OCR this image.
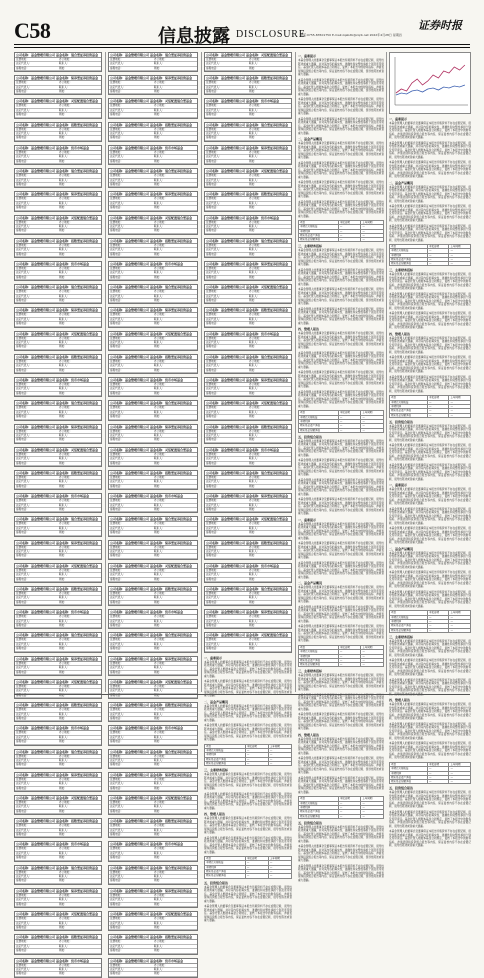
C58	信息披露 DISCLOSURE
证券时报
电话:0755-83501750 E-mail:zqsbdb@zqrb.net 2022年4月28日 星期四
公司名称：基金管理有限公司 基金名称：混合型证券投资基金
注册地址：	办公地址：
法定代表人：	联系人：
客服电话：	网址：
公司名称：基金管理有限公司 基金名称：债券型证券投资基金
注册地址：	办公地址：
法定代表人：	联系人：
客服电话：	网址：
公司名称：基金管理有限公司 基金名称：灵活配置混合型基金
注册地址：	办公地址：
法定代表人：	联系人：
客服电话：	网址：
公司名称：基金管理有限公司 基金名称：指数型证券投资基金
注册地址：	办公地址：
法定代表人：	联系人：
客服电话：	网址：
公司名称：基金管理有限公司 基金名称：货币市场基金
注册地址：	办公地址：
法定代表人：	联系人：
客服电话：	网址：
公司名称：基金管理有限公司 基金名称：混合型证券投资基金
注册地址：	办公地址：
法定代表人：	联系人：
客服电话：	网址：
公司名称：基金管理有限公司 基金名称：债券型证券投资基金
注册地址：	办公地址：
法定代表人：	联系人：
客服电话：	网址：
公司名称：基金管理有限公司 基金名称：灵活配置混合型基金
注册地址：	办公地址：
法定代表人：	联系人：
客服电话：	网址：
公司名称：基金管理有限公司 基金名称：指数型证券投资基金
注册地址：	办公地址：
法定代表人：	联系人：
客服电话：	网址：
公司名称：基金管理有限公司 基金名称：货币市场基金
注册地址：	办公地址：
法定代表人：	联系人：
客服电话：	网址：
公司名称：基金管理有限公司 基金名称：混合型证券投资基金
注册地址：	办公地址：
法定代表人：	联系人：
客服电话：	网址：
公司名称：基金管理有限公司 基金名称：债券型证券投资基金
注册地址：	办公地址：
法定代表人：	联系人：
客服电话：	网址：
公司名称：基金管理有限公司 基金名称：灵活配置混合型基金
注册地址：	办公地址：
法定代表人：	联系人：
客服电话：	网址：
公司名称：基金管理有限公司 基金名称：指数型证券投资基金
注册地址：	办公地址：
法定代表人：	联系人：
客服电话：	网址：
公司名称：基金管理有限公司 基金名称：货币市场基金
注册地址：	办公地址：
法定代表人：	联系人：
客服电话：	网址：
公司名称：基金管理有限公司 基金名称：混合型证券投资基金
注册地址：	办公地址：
法定代表人：	联系人：
客服电话：	网址：
公司名称：基金管理有限公司 基金名称：债券型证券投资基金
注册地址：	办公地址：
法定代表人：	联系人：
客服电话：	网址：
公司名称：基金管理有限公司 基金名称：灵活配置混合型基金
注册地址：	办公地址：
法定代表人：	联系人：
客服电话：	网址：
公司名称：基金管理有限公司 基金名称：指数型证券投资基金
注册地址：	办公地址：
法定代表人：	联系人：
客服电话：	网址：
公司名称：基金管理有限公司 基金名称：货币市场基金
注册地址：	办公地址：
法定代表人：	联系人：
客服电话：	网址：
公司名称：基金管理有限公司 基金名称：混合型证券投资基金
注册地址：	办公地址：
法定代表人：	联系人：
客服电话：	网址：
公司名称：基金管理有限公司 基金名称：债券型证券投资基金
注册地址：	办公地址：
法定代表人：	联系人：
客服电话：	网址：
公司名称：基金管理有限公司 基金名称：灵活配置混合型基金
注册地址：	办公地址：
法定代表人：	联系人：
客服电话：	网址：
公司名称：基金管理有限公司 基金名称：指数型证券投资基金
注册地址：	办公地址：
法定代表人：	联系人：
客服电话：	网址：
公司名称：基金管理有限公司 基金名称：货币市场基金
注册地址：	办公地址：
法定代表人：	联系人：
客服电话：	网址：
公司名称：基金管理有限公司 基金名称：混合型证券投资基金
注册地址：	办公地址：
法定代表人：	联系人：
客服电话：	网址：
公司名称：基金管理有限公司 基金名称：债券型证券投资基金
注册地址：	办公地址：
法定代表人：	联系人：
客服电话：	网址：
公司名称：基金管理有限公司 基金名称：灵活配置混合型基金
注册地址：	办公地址：
法定代表人：	联系人：
客服电话：	网址：
公司名称：基金管理有限公司 基金名称：指数型证券投资基金
注册地址：	办公地址：
法定代表人：	联系人：
客服电话：	网址：
公司名称：基金管理有限公司 基金名称：货币市场基金
注册地址：	办公地址：
法定代表人：	联系人：
客服电话：	网址：
公司名称：基金管理有限公司 基金名称：混合型证券投资基金
注册地址：	办公地址：
法定代表人：	联系人：
客服电话：	网址：
公司名称：基金管理有限公司 基金名称：债券型证券投资基金
注册地址：	办公地址：
法定代表人：	联系人：
客服电话：	网址：
公司名称：基金管理有限公司 基金名称：灵活配置混合型基金
注册地址：	办公地址：
法定代表人：	联系人：
客服电话：	网址：
公司名称：基金管理有限公司 基金名称：指数型证券投资基金
注册地址：	办公地址：
法定代表人：	联系人：
客服电话：	网址：
公司名称：基金管理有限公司 基金名称：货币市场基金
注册地址：	办公地址：
法定代表人：	联系人：
客服电话：	网址：
公司名称：基金管理有限公司 基金名称：混合型证券投资基金
注册地址：	办公地址：
法定代表人：	联系人：
客服电话：	网址：
公司名称：基金管理有限公司 基金名称：债券型证券投资基金
注册地址：	办公地址：
法定代表人：	联系人：
客服电话：	网址：
公司名称：基金管理有限公司 基金名称：灵活配置混合型基金
注册地址：	办公地址：
法定代表人：	联系人：
客服电话：	网址：
公司名称：基金管理有限公司 基金名称：指数型证券投资基金
注册地址：	办公地址：
法定代表人：	联系人：
客服电话：	网址：
公司名称：基金管理有限公司 基金名称：货币市场基金
注册地址：	办公地址：
法定代表人：	联系人：
客服电话：	网址：
公司名称：基金管理有限公司 基金名称：混合型证券投资基金
注册地址：	办公地址：
法定代表人：	联系人：
客服电话：	网址：
公司名称：基金管理有限公司 基金名称：债券型证券投资基金
注册地址：	办公地址：
法定代表人：	联系人：
客服电话：	网址：
公司名称：基金管理有限公司 基金名称：灵活配置混合型基金
注册地址：	办公地址：
法定代表人：	联系人：
客服电话：	网址：
公司名称：基金管理有限公司 基金名称：指数型证券投资基金
注册地址：	办公地址：
法定代表人：	联系人：
客服电话：	网址：
公司名称：基金管理有限公司 基金名称：货币市场基金
注册地址：	办公地址：
法定代表人：	联系人：
客服电话：	网址：
公司名称：基金管理有限公司 基金名称：混合型证券投资基金
注册地址：	办公地址：
法定代表人：	联系人：
客服电话：	网址：
公司名称：基金管理有限公司 基金名称：债券型证券投资基金
注册地址：	办公地址：
法定代表人：	联系人：
客服电话：	网址：
公司名称：基金管理有限公司 基金名称：灵活配置混合型基金
注册地址：	办公地址：
法定代表人：	联系人：
客服电话：	网址：
公司名称：基金管理有限公司 基金名称：指数型证券投资基金
注册地址：	办公地址：
法定代表人：	联系人：
客服电话：	网址：
公司名称：基金管理有限公司 基金名称：货币市场基金
注册地址：	办公地址：
法定代表人：	联系人：
客服电话：	网址：
公司名称：基金管理有限公司 基金名称：混合型证券投资基金
注册地址：	办公地址：
法定代表人：	联系人：
客服电话：	网址：
公司名称：基金管理有限公司 基金名称：债券型证券投资基金
注册地址：	办公地址：
法定代表人：	联系人：
客服电话：	网址：
公司名称：基金管理有限公司 基金名称：灵活配置混合型基金
注册地址：	办公地址：
法定代表人：	联系人：
客服电话：	网址：
公司名称：基金管理有限公司 基金名称：指数型证券投资基金
注册地址：	办公地址：
法定代表人：	联系人：
客服电话：	网址：
公司名称：基金管理有限公司 基金名称：货币市场基金
注册地址：	办公地址：
法定代表人：	联系人：
客服电话：	网址：
公司名称：基金管理有限公司 基金名称：混合型证券投资基金
注册地址：	办公地址：
法定代表人：	联系人：
客服电话：	网址：
公司名称：基金管理有限公司 基金名称：债券型证券投资基金
注册地址：	办公地址：
法定代表人：	联系人：
客服电话：	网址：
公司名称：基金管理有限公司 基金名称：灵活配置混合型基金
注册地址：	办公地址：
法定代表人：	联系人：
客服电话：	网址：
公司名称：基金管理有限公司 基金名称：指数型证券投资基金
注册地址：	办公地址：
法定代表人：	联系人：
客服电话：	网址：
公司名称：基金管理有限公司 基金名称：货币市场基金
注册地址：	办公地址：
法定代表人：	联系人：
客服电话：	网址：
公司名称：基金管理有限公司 基金名称：混合型证券投资基金
注册地址：	办公地址：
法定代表人：	联系人：
客服电话：	网址：
公司名称：基金管理有限公司 基金名称：债券型证券投资基金
注册地址：	办公地址：
法定代表人：	联系人：
客服电话：	网址：
公司名称：基金管理有限公司 基金名称：灵活配置混合型基金
注册地址：	办公地址：
法定代表人：	联系人：
客服电话：	网址：
公司名称：基金管理有限公司 基金名称：指数型证券投资基金
注册地址：	办公地址：
法定代表人：	联系人：
客服电话：	网址：
公司名称：基金管理有限公司 基金名称：货币市场基金
注册地址：	办公地址：
法定代表人：	联系人：
客服电话：	网址：
公司名称：基金管理有限公司 基金名称：混合型证券投资基金
注册地址：	办公地址：
法定代表人：	联系人：
客服电话：	网址：
公司名称：基金管理有限公司 基金名称：债券型证券投资基金
注册地址：	办公地址：
法定代表人：	联系人：
客服电话：	网址：
公司名称：基金管理有限公司 基金名称：灵活配置混合型基金
注册地址：	办公地址：
法定代表人：	联系人：
客服电话：	网址：
公司名称：基金管理有限公司 基金名称：指数型证券投资基金
注册地址：	办公地址：
法定代表人：	联系人：
客服电话：	网址：
公司名称：基金管理有限公司 基金名称：货币市场基金
注册地址：	办公地址：
法定代表人：	联系人：
客服电话：	网址：
公司名称：基金管理有限公司 基金名称：混合型证券投资基金
注册地址：	办公地址：
法定代表人：	联系人：
客服电话：	网址：
公司名称：基金管理有限公司 基金名称：债券型证券投资基金
注册地址：	办公地址：
法定代表人：	联系人：
客服电话：	网址：
公司名称：基金管理有限公司 基金名称：灵活配置混合型基金
注册地址：	办公地址：
法定代表人：	联系人：
客服电话：	网址：
公司名称：基金管理有限公司 基金名称：指数型证券投资基金
注册地址：	办公地址：
法定代表人：	联系人：
客服电话：	网址：
公司名称：基金管理有限公司 基金名称：货币市场基金
注册地址：	办公地址：
法定代表人：	联系人：
客服电话：	网址：
公司名称：基金管理有限公司 基金名称：混合型证券投资基金
注册地址：	办公地址：
法定代表人：	联系人：
客服电话：	网址：
公司名称：基金管理有限公司 基金名称：债券型证券投资基金
注册地址：	办公地址：
法定代表人：	联系人：
客服电话：	网址：
公司名称：基金管理有限公司 基金名称：灵活配置混合型基金
注册地址：	办公地址：
法定代表人：	联系人：
客服电话：	网址：
公司名称：基金管理有限公司 基金名称：指数型证券投资基金
注册地址：	办公地址：
法定代表人：	联系人：
客服电话：	网址：
公司名称：基金管理有限公司 基金名称：货币市场基金
注册地址：	办公地址：
法定代表人：	联系人：
客服电话：	网址：
公司名称：基金管理有限公司 基金名称：灵活配置混合型基金
注册地址：	办公地址：
法定代表人：	联系人：
客服电话：	网址：
公司名称：基金管理有限公司 基金名称：指数型证券投资基金
注册地址：	办公地址：
法定代表人：	联系人：
客服电话：	网址：
公司名称：基金管理有限公司 基金名称：货币市场基金
注册地址：	办公地址：
法定代表人：	联系人：
客服电话：	网址：
公司名称：基金管理有限公司 基金名称：混合型证券投资基金
注册地址：	办公地址：
法定代表人：	联系人：
客服电话：	网址：
公司名称：基金管理有限公司 基金名称：债券型证券投资基金
注册地址：	办公地址：
法定代表人：	联系人：
客服电话：	网址：
公司名称：基金管理有限公司 基金名称：灵活配置混合型基金
注册地址：	办公地址：
法定代表人：	联系人：
客服电话：	网址：
公司名称：基金管理有限公司 基金名称：指数型证券投资基金
注册地址：	办公地址：
法定代表人：	联系人：
客服电话：	网址：
公司名称：基金管理有限公司 基金名称：货币市场基金
注册地址：	办公地址：
法定代表人：	联系人：
客服电话：	网址：
公司名称：基金管理有限公司 基金名称：混合型证券投资基金
注册地址：	办公地址：
法定代表人：	联系人：
客服电话：	网址：
公司名称：基金管理有限公司 基金名称：债券型证券投资基金
注册地址：	办公地址：
法定代表人：	联系人：
客服电话：	网址：
公司名称：基金管理有限公司 基金名称：灵活配置混合型基金
注册地址：	办公地址：
法定代表人：	联系人：
客服电话：	网址：
公司名称：基金管理有限公司 基金名称：指数型证券投资基金
注册地址：	办公地址：
法定代表人：	联系人：
客服电话：	网址：
公司名称：基金管理有限公司 基金名称：货币市场基金
注册地址：	办公地址：
法定代表人：	联系人：
客服电话：	网址：
公司名称：基金管理有限公司 基金名称：混合型证券投资基金
注册地址：	办公地址：
法定代表人：	联系人：
客服电话：	网址：
公司名称：基金管理有限公司 基金名称：债券型证券投资基金
注册地址：	办公地址：
法定代表人：	联系人：
客服电话：	网址：
公司名称：基金管理有限公司 基金名称：灵活配置混合型基金
注册地址：	办公地址：
法定代表人：	联系人：
客服电话：	网址：
公司名称：基金管理有限公司 基金名称：指数型证券投资基金
注册地址：	办公地址：
法定代表人：	联系人：
客服电话：	网址：
公司名称：基金管理有限公司 基金名称：货币市场基金
注册地址：	办公地址：
法定代表人：	联系人：
客服电话：	网址：
公司名称：基金管理有限公司 基金名称：混合型证券投资基金
注册地址：	办公地址：
法定代表人：	联系人：
客服电话：	网址：
公司名称：基金管理有限公司 基金名称：债券型证券投资基金
注册地址：	办公地址：
法定代表人：	联系人：
客服电话：	网址：
公司名称：基金管理有限公司 基金名称：灵活配置混合型基金
注册地址：	办公地址：
法定代表人：	联系人：
客服电话：	网址：
公司名称：基金管理有限公司 基金名称：指数型证券投资基金
注册地址：	办公地址：
法定代表人：	联系人：
客服电话：	网址：
公司名称：基金管理有限公司 基金名称：货币市场基金
注册地址：	办公地址：
法定代表人：	联系人：
客服电话：	网址：
公司名称：基金管理有限公司 基金名称：混合型证券投资基金
注册地址：	办公地址：
法定代表人：	联系人：
客服电话：	网址：
公司名称：基金管理有限公司 基金名称：债券型证券投资基金
注册地址：	办公地址：
法定代表人：	联系人：
客服电话：	网址：
公司名称：基金管理有限公司 基金名称：灵活配置混合型基金
注册地址：	办公地址：
法定代表人：	联系人：
客服电话：	网址：
一、重要提示
本基金管理人的董事会及董事保证本报告所载资料不存在虚假记载、误导性陈述或重大遗漏，并对其内容的真实性、准确性和完整性承担个别及连带责任。基金托管人根据本基金合同规定，复核了本报告中的财务指标、净值表现和投资组合报告等内容，保证复核内容不存在虚假记载、误导性陈述或者重大遗漏。
本基金管理人的董事会及董事保证本报告所载资料不存在虚假记载、误导性陈述或重大遗漏，并对其内容的真实性、准确性和完整性承担个别及连带责任。基金托管人根据本基金合同规定，复核了本报告中的财务指标、净值表现和投资组合报告等内容，保证复核内容不存在虚假记载、误导性陈述或者重大遗漏。
二、基金产品概况
本基金管理人的董事会及董事保证本报告所载资料不存在虚假记载、误导性陈述或重大遗漏，并对其内容的真实性、准确性和完整性承担个别及连带责任。基金托管人根据本基金合同规定，复核了本报告中的财务指标、净值表现和投资组合报告等内容，保证复核内容不存在虚假记载、误导性陈述或者重大遗漏。
本基金管理人的董事会及董事保证本报告所载资料不存在虚假记载、误导性陈述或重大遗漏，并对其内容的真实性、准确性和完整性承担个别及连带责任。基金托管人根据本基金合同规定，复核了本报告中的财务指标、净值表现和投资组合报告等内容，保证复核内容不存在虚假记载、误导性陈述或者重大遗漏。
项目	本报告期	上年同期
本期已实现收益	—	—
本期利润	—	—
期末基金资产净值	—	—
期末基金份额净值	—	—
三、主要财务指标
本基金管理人的董事会及董事保证本报告所载资料不存在虚假记载、误导性陈述或重大遗漏，并对其内容的真实性、准确性和完整性承担个别及连带责任。基金托管人根据本基金合同规定，复核了本报告中的财务指标、净值表现和投资组合报告等内容，保证复核内容不存在虚假记载、误导性陈述或者重大遗漏。
本基金管理人的董事会及董事保证本报告所载资料不存在虚假记载、误导性陈述或重大遗漏，并对其内容的真实性、准确性和完整性承担个别及连带责任。基金托管人根据本基金合同规定，复核了本报告中的财务指标、净值表现和投资组合报告等内容，保证复核内容不存在虚假记载、误导性陈述或者重大遗漏。
四、管理人报告
本基金管理人的董事会及董事保证本报告所载资料不存在虚假记载、误导性陈述或重大遗漏，并对其内容的真实性、准确性和完整性承担个别及连带责任。基金托管人根据本基金合同规定，复核了本报告中的财务指标、净值表现和投资组合报告等内容，保证复核内容不存在虚假记载、误导性陈述或者重大遗漏。
本基金管理人的董事会及董事保证本报告所载资料不存在虚假记载、误导性陈述或重大遗漏，并对其内容的真实性、准确性和完整性承担个别及连带责任。基金托管人根据本基金合同规定，复核了本报告中的财务指标、净值表现和投资组合报告等内容，保证复核内容不存在虚假记载、误导性陈述或者重大遗漏。
项目	本报告期	上年同期
本期已实现收益	—	—
本期利润	—	—
期末基金资产净值	—	—
期末基金份额净值	—	—
五、投资组合报告
本基金管理人的董事会及董事保证本报告所载资料不存在虚假记载、误导性陈述或重大遗漏，并对其内容的真实性、准确性和完整性承担个别及连带责任。基金托管人根据本基金合同规定，复核了本报告中的财务指标、净值表现和投资组合报告等内容，保证复核内容不存在虚假记载、误导性陈述或者重大遗漏。
本基金管理人的董事会及董事保证本报告所载资料不存在虚假记载、误导性陈述或重大遗漏，并对其内容的真实性、准确性和完整性承担个别及连带责任。基金托管人根据本基金合同规定，复核了本报告中的财务指标、净值表现和投资组合报告等内容，保证复核内容不存在虚假记载、误导性陈述或者重大遗漏。
一、重要提示
本基金管理人的董事会及董事保证本报告所载资料不存在虚假记载、误导性陈述或重大遗漏，并对其内容的真实性、准确性和完整性承担个别及连带责任。基金托管人根据本基金合同规定，复核了本报告中的财务指标、净值表现和投资组合报告等内容，保证复核内容不存在虚假记载、误导性陈述或者重大遗漏。
本基金管理人的董事会及董事保证本报告所载资料不存在虚假记载、误导性陈述或重大遗漏，并对其内容的真实性、准确性和完整性承担个别及连带责任。基金托管人根据本基金合同规定，复核了本报告中的财务指标、净值表现和投资组合报告等内容，保证复核内容不存在虚假记载、误导性陈述或者重大遗漏。
本基金管理人的董事会及董事保证本报告所载资料不存在虚假记载、误导性陈述或重大遗漏，并对其内容的真实性、准确性和完整性承担个别及连带责任。基金托管人根据本基金合同规定，复核了本报告中的财务指标、净值表现和投资组合报告等内容，保证复核内容不存在虚假记载、误导性陈述或者重大遗漏。
本基金管理人的董事会及董事保证本报告所载资料不存在虚假记载、误导性陈述或重大遗漏，并对其内容的真实性、准确性和完整性承担个别及连带责任。基金托管人根据本基金合同规定，复核了本报告中的财务指标、净值表现和投资组合报告等内容，保证复核内容不存在虚假记载、误导性陈述或者重大遗漏。
二、基金产品概况
本基金管理人的董事会及董事保证本报告所载资料不存在虚假记载、误导性陈述或重大遗漏，并对其内容的真实性、准确性和完整性承担个别及连带责任。基金托管人根据本基金合同规定，复核了本报告中的财务指标、净值表现和投资组合报告等内容，保证复核内容不存在虚假记载、误导性陈述或者重大遗漏。
本基金管理人的董事会及董事保证本报告所载资料不存在虚假记载、误导性陈述或重大遗漏，并对其内容的真实性、准确性和完整性承担个别及连带责任。基金托管人根据本基金合同规定，复核了本报告中的财务指标、净值表现和投资组合报告等内容，保证复核内容不存在虚假记载、误导性陈述或者重大遗漏。
本基金管理人的董事会及董事保证本报告所载资料不存在虚假记载、误导性陈述或重大遗漏，并对其内容的真实性、准确性和完整性承担个别及连带责任。基金托管人根据本基金合同规定，复核了本报告中的财务指标、净值表现和投资组合报告等内容，保证复核内容不存在虚假记载、误导性陈述或者重大遗漏。
本基金管理人的董事会及董事保证本报告所载资料不存在虚假记载、误导性陈述或重大遗漏，并对其内容的真实性、准确性和完整性承担个别及连带责任。基金托管人根据本基金合同规定，复核了本报告中的财务指标、净值表现和投资组合报告等内容，保证复核内容不存在虚假记载、误导性陈述或者重大遗漏。
项目	本报告期	上年同期
本期已实现收益	—	—
本期利润	—	—
期末基金资产净值	—	—
期末基金份额净值	—	—
三、主要财务指标
本基金管理人的董事会及董事保证本报告所载资料不存在虚假记载、误导性陈述或重大遗漏，并对其内容的真实性、准确性和完整性承担个别及连带责任。基金托管人根据本基金合同规定，复核了本报告中的财务指标、净值表现和投资组合报告等内容，保证复核内容不存在虚假记载、误导性陈述或者重大遗漏。
本基金管理人的董事会及董事保证本报告所载资料不存在虚假记载、误导性陈述或重大遗漏，并对其内容的真实性、准确性和完整性承担个别及连带责任。基金托管人根据本基金合同规定，复核了本报告中的财务指标、净值表现和投资组合报告等内容，保证复核内容不存在虚假记载、误导性陈述或者重大遗漏。
本基金管理人的董事会及董事保证本报告所载资料不存在虚假记载、误导性陈述或重大遗漏，并对其内容的真实性、准确性和完整性承担个别及连带责任。基金托管人根据本基金合同规定，复核了本报告中的财务指标、净值表现和投资组合报告等内容，保证复核内容不存在虚假记载、误导性陈述或者重大遗漏。
本基金管理人的董事会及董事保证本报告所载资料不存在虚假记载、误导性陈述或重大遗漏，并对其内容的真实性、准确性和完整性承担个别及连带责任。基金托管人根据本基金合同规定，复核了本报告中的财务指标、净值表现和投资组合报告等内容，保证复核内容不存在虚假记载、误导性陈述或者重大遗漏。
四、管理人报告
本基金管理人的董事会及董事保证本报告所载资料不存在虚假记载、误导性陈述或重大遗漏，并对其内容的真实性、准确性和完整性承担个别及连带责任。基金托管人根据本基金合同规定，复核了本报告中的财务指标、净值表现和投资组合报告等内容，保证复核内容不存在虚假记载、误导性陈述或者重大遗漏。
本基金管理人的董事会及董事保证本报告所载资料不存在虚假记载、误导性陈述或重大遗漏，并对其内容的真实性、准确性和完整性承担个别及连带责任。基金托管人根据本基金合同规定，复核了本报告中的财务指标、净值表现和投资组合报告等内容，保证复核内容不存在虚假记载、误导性陈述或者重大遗漏。
本基金管理人的董事会及董事保证本报告所载资料不存在虚假记载、误导性陈述或重大遗漏，并对其内容的真实性、准确性和完整性承担个别及连带责任。基金托管人根据本基金合同规定，复核了本报告中的财务指标、净值表现和投资组合报告等内容，保证复核内容不存在虚假记载、误导性陈述或者重大遗漏。
本基金管理人的董事会及董事保证本报告所载资料不存在虚假记载、误导性陈述或重大遗漏，并对其内容的真实性、准确性和完整性承担个别及连带责任。基金托管人根据本基金合同规定，复核了本报告中的财务指标、净值表现和投资组合报告等内容，保证复核内容不存在虚假记载、误导性陈述或者重大遗漏。
项目	本报告期	上年同期
本期已实现收益	—	—
本期利润	—	—
期末基金资产净值	—	—
期末基金份额净值	—	—
五、投资组合报告
本基金管理人的董事会及董事保证本报告所载资料不存在虚假记载、误导性陈述或重大遗漏，并对其内容的真实性、准确性和完整性承担个别及连带责任。基金托管人根据本基金合同规定，复核了本报告中的财务指标、净值表现和投资组合报告等内容，保证复核内容不存在虚假记载、误导性陈述或者重大遗漏。
本基金管理人的董事会及董事保证本报告所载资料不存在虚假记载、误导性陈述或重大遗漏，并对其内容的真实性、准确性和完整性承担个别及连带责任。基金托管人根据本基金合同规定，复核了本报告中的财务指标、净值表现和投资组合报告等内容，保证复核内容不存在虚假记载、误导性陈述或者重大遗漏。
本基金管理人的董事会及董事保证本报告所载资料不存在虚假记载、误导性陈述或重大遗漏，并对其内容的真实性、准确性和完整性承担个别及连带责任。基金托管人根据本基金合同规定，复核了本报告中的财务指标、净值表现和投资组合报告等内容，保证复核内容不存在虚假记载、误导性陈述或者重大遗漏。
本基金管理人的董事会及董事保证本报告所载资料不存在虚假记载、误导性陈述或重大遗漏，并对其内容的真实性、准确性和完整性承担个别及连带责任。基金托管人根据本基金合同规定，复核了本报告中的财务指标、净值表现和投资组合报告等内容，保证复核内容不存在虚假记载、误导性陈述或者重大遗漏。
一、重要提示
本基金管理人的董事会及董事保证本报告所载资料不存在虚假记载、误导性陈述或重大遗漏，并对其内容的真实性、准确性和完整性承担个别及连带责任。基金托管人根据本基金合同规定，复核了本报告中的财务指标、净值表现和投资组合报告等内容，保证复核内容不存在虚假记载、误导性陈述或者重大遗漏。
本基金管理人的董事会及董事保证本报告所载资料不存在虚假记载、误导性陈述或重大遗漏，并对其内容的真实性、准确性和完整性承担个别及连带责任。基金托管人根据本基金合同规定，复核了本报告中的财务指标、净值表现和投资组合报告等内容，保证复核内容不存在虚假记载、误导性陈述或者重大遗漏。
本基金管理人的董事会及董事保证本报告所载资料不存在虚假记载、误导性陈述或重大遗漏，并对其内容的真实性、准确性和完整性承担个别及连带责任。基金托管人根据本基金合同规定，复核了本报告中的财务指标、净值表现和投资组合报告等内容，保证复核内容不存在虚假记载、误导性陈述或者重大遗漏。
二、基金产品概况
本基金管理人的董事会及董事保证本报告所载资料不存在虚假记载、误导性陈述或重大遗漏，并对其内容的真实性、准确性和完整性承担个别及连带责任。基金托管人根据本基金合同规定，复核了本报告中的财务指标、净值表现和投资组合报告等内容，保证复核内容不存在虚假记载、误导性陈述或者重大遗漏。
本基金管理人的董事会及董事保证本报告所载资料不存在虚假记载、误导性陈述或重大遗漏，并对其内容的真实性、准确性和完整性承担个别及连带责任。基金托管人根据本基金合同规定，复核了本报告中的财务指标、净值表现和投资组合报告等内容，保证复核内容不存在虚假记载、误导性陈述或者重大遗漏。
本基金管理人的董事会及董事保证本报告所载资料不存在虚假记载、误导性陈述或重大遗漏，并对其内容的真实性、准确性和完整性承担个别及连带责任。基金托管人根据本基金合同规定，复核了本报告中的财务指标、净值表现和投资组合报告等内容，保证复核内容不存在虚假记载、误导性陈述或者重大遗漏。
项目	本报告期	上年同期
本期已实现收益	—	—
本期利润	—	—
期末基金资产净值	—	—
期末基金份额净值	—	—
三、主要财务指标
本基金管理人的董事会及董事保证本报告所载资料不存在虚假记载、误导性陈述或重大遗漏，并对其内容的真实性、准确性和完整性承担个别及连带责任。基金托管人根据本基金合同规定，复核了本报告中的财务指标、净值表现和投资组合报告等内容，保证复核内容不存在虚假记载、误导性陈述或者重大遗漏。
本基金管理人的董事会及董事保证本报告所载资料不存在虚假记载、误导性陈述或重大遗漏，并对其内容的真实性、准确性和完整性承担个别及连带责任。基金托管人根据本基金合同规定，复核了本报告中的财务指标、净值表现和投资组合报告等内容，保证复核内容不存在虚假记载、误导性陈述或者重大遗漏。
本基金管理人的董事会及董事保证本报告所载资料不存在虚假记载、误导性陈述或重大遗漏，并对其内容的真实性、准确性和完整性承担个别及连带责任。基金托管人根据本基金合同规定，复核了本报告中的财务指标、净值表现和投资组合报告等内容，保证复核内容不存在虚假记载、误导性陈述或者重大遗漏。
四、管理人报告
本基金管理人的董事会及董事保证本报告所载资料不存在虚假记载、误导性陈述或重大遗漏，并对其内容的真实性、准确性和完整性承担个别及连带责任。基金托管人根据本基金合同规定，复核了本报告中的财务指标、净值表现和投资组合报告等内容，保证复核内容不存在虚假记载、误导性陈述或者重大遗漏。
本基金管理人的董事会及董事保证本报告所载资料不存在虚假记载、误导性陈述或重大遗漏，并对其内容的真实性、准确性和完整性承担个别及连带责任。基金托管人根据本基金合同规定，复核了本报告中的财务指标、净值表现和投资组合报告等内容，保证复核内容不存在虚假记载、误导性陈述或者重大遗漏。
本基金管理人的董事会及董事保证本报告所载资料不存在虚假记载、误导性陈述或重大遗漏，并对其内容的真实性、准确性和完整性承担个别及连带责任。基金托管人根据本基金合同规定，复核了本报告中的财务指标、净值表现和投资组合报告等内容，保证复核内容不存在虚假记载、误导性陈述或者重大遗漏。
项目	本报告期	上年同期
本期已实现收益	—	—
本期利润	—	—
期末基金资产净值	—	—
期末基金份额净值	—	—
五、投资组合报告
本基金管理人的董事会及董事保证本报告所载资料不存在虚假记载、误导性陈述或重大遗漏，并对其内容的真实性、准确性和完整性承担个别及连带责任。基金托管人根据本基金合同规定，复核了本报告中的财务指标、净值表现和投资组合报告等内容，保证复核内容不存在虚假记载、误导性陈述或者重大遗漏。
本基金管理人的董事会及董事保证本报告所载资料不存在虚假记载、误导性陈述或重大遗漏，并对其内容的真实性、准确性和完整性承担个别及连带责任。基金托管人根据本基金合同规定，复核了本报告中的财务指标、净值表现和投资组合报告等内容，保证复核内容不存在虚假记载、误导性陈述或者重大遗漏。
本基金管理人的董事会及董事保证本报告所载资料不存在虚假记载、误导性陈述或重大遗漏，并对其内容的真实性、准确性和完整性承担个别及连带责任。基金托管人根据本基金合同规定，复核了本报告中的财务指标、净值表现和投资组合报告等内容，保证复核内容不存在虚假记载、误导性陈述或者重大遗漏。
一、重要提示
本基金管理人的董事会及董事保证本报告所载资料不存在虚假记载、误导性陈述或重大遗漏，并对其内容的真实性、准确性和完整性承担个别及连带责任。基金托管人根据本基金合同规定，复核了本报告中的财务指标、净值表现和投资组合报告等内容，保证复核内容不存在虚假记载、误导性陈述或者重大遗漏。
本基金管理人的董事会及董事保证本报告所载资料不存在虚假记载、误导性陈述或重大遗漏，并对其内容的真实性、准确性和完整性承担个别及连带责任。基金托管人根据本基金合同规定，复核了本报告中的财务指标、净值表现和投资组合报告等内容，保证复核内容不存在虚假记载、误导性陈述或者重大遗漏。
本基金管理人的董事会及董事保证本报告所载资料不存在虚假记载、误导性陈述或重大遗漏，并对其内容的真实性、准确性和完整性承担个别及连带责任。基金托管人根据本基金合同规定，复核了本报告中的财务指标、净值表现和投资组合报告等内容，保证复核内容不存在虚假记载、误导性陈述或者重大遗漏。
二、基金产品概况
本基金管理人的董事会及董事保证本报告所载资料不存在虚假记载、误导性陈述或重大遗漏，并对其内容的真实性、准确性和完整性承担个别及连带责任。基金托管人根据本基金合同规定，复核了本报告中的财务指标、净值表现和投资组合报告等内容，保证复核内容不存在虚假记载、误导性陈述或者重大遗漏。
本基金管理人的董事会及董事保证本报告所载资料不存在虚假记载、误导性陈述或重大遗漏，并对其内容的真实性、准确性和完整性承担个别及连带责任。基金托管人根据本基金合同规定，复核了本报告中的财务指标、净值表现和投资组合报告等内容，保证复核内容不存在虚假记载、误导性陈述或者重大遗漏。
本基金管理人的董事会及董事保证本报告所载资料不存在虚假记载、误导性陈述或重大遗漏，并对其内容的真实性、准确性和完整性承担个别及连带责任。基金托管人根据本基金合同规定，复核了本报告中的财务指标、净值表现和投资组合报告等内容，保证复核内容不存在虚假记载、误导性陈述或者重大遗漏。
项目	本报告期	上年同期
本期已实现收益	—	—
本期利润	—	—
期末基金资产净值	—	—
期末基金份额净值	—	—
三、主要财务指标
本基金管理人的董事会及董事保证本报告所载资料不存在虚假记载、误导性陈述或重大遗漏，并对其内容的真实性、准确性和完整性承担个别及连带责任。基金托管人根据本基金合同规定，复核了本报告中的财务指标、净值表现和投资组合报告等内容，保证复核内容不存在虚假记载、误导性陈述或者重大遗漏。
本基金管理人的董事会及董事保证本报告所载资料不存在虚假记载、误导性陈述或重大遗漏，并对其内容的真实性、准确性和完整性承担个别及连带责任。基金托管人根据本基金合同规定，复核了本报告中的财务指标、净值表现和投资组合报告等内容，保证复核内容不存在虚假记载、误导性陈述或者重大遗漏。
本基金管理人的董事会及董事保证本报告所载资料不存在虚假记载、误导性陈述或重大遗漏，并对其内容的真实性、准确性和完整性承担个别及连带责任。基金托管人根据本基金合同规定，复核了本报告中的财务指标、净值表现和投资组合报告等内容，保证复核内容不存在虚假记载、误导性陈述或者重大遗漏。
四、管理人报告
本基金管理人的董事会及董事保证本报告所载资料不存在虚假记载、误导性陈述或重大遗漏，并对其内容的真实性、准确性和完整性承担个别及连带责任。基金托管人根据本基金合同规定，复核了本报告中的财务指标、净值表现和投资组合报告等内容，保证复核内容不存在虚假记载、误导性陈述或者重大遗漏。
本基金管理人的董事会及董事保证本报告所载资料不存在虚假记载、误导性陈述或重大遗漏，并对其内容的真实性、准确性和完整性承担个别及连带责任。基金托管人根据本基金合同规定，复核了本报告中的财务指标、净值表现和投资组合报告等内容，保证复核内容不存在虚假记载、误导性陈述或者重大遗漏。
本基金管理人的董事会及董事保证本报告所载资料不存在虚假记载、误导性陈述或重大遗漏，并对其内容的真实性、准确性和完整性承担个别及连带责任。基金托管人根据本基金合同规定，复核了本报告中的财务指标、净值表现和投资组合报告等内容，保证复核内容不存在虚假记载、误导性陈述或者重大遗漏。
项目	本报告期	上年同期
本期已实现收益	—	—
本期利润	—	—
期末基金资产净值	—	—
期末基金份额净值	—	—
五、投资组合报告
本基金管理人的董事会及董事保证本报告所载资料不存在虚假记载、误导性陈述或重大遗漏，并对其内容的真实性、准确性和完整性承担个别及连带责任。基金托管人根据本基金合同规定，复核了本报告中的财务指标、净值表现和投资组合报告等内容，保证复核内容不存在虚假记载、误导性陈述或者重大遗漏。
本基金管理人的董事会及董事保证本报告所载资料不存在虚假记载、误导性陈述或重大遗漏，并对其内容的真实性、准确性和完整性承担个别及连带责任。基金托管人根据本基金合同规定，复核了本报告中的财务指标、净值表现和投资组合报告等内容，保证复核内容不存在虚假记载、误导性陈述或者重大遗漏。
本基金管理人的董事会及董事保证本报告所载资料不存在虚假记载、误导性陈述或重大遗漏，并对其内容的真实性、准确性和完整性承担个别及连带责任。基金托管人根据本基金合同规定，复核了本报告中的财务指标、净值表现和投资组合报告等内容，保证复核内容不存在虚假记载、误导性陈述或者重大遗漏。
一、重要提示
本基金管理人的董事会及董事保证本报告所载资料不存在虚假记载、误导性陈述或重大遗漏，并对其内容的真实性、准确性和完整性承担个别及连带责任。基金托管人根据本基金合同规定，复核了本报告中的财务指标、净值表现和投资组合报告等内容，保证复核内容不存在虚假记载、误导性陈述或者重大遗漏。
本基金管理人的董事会及董事保证本报告所载资料不存在虚假记载、误导性陈述或重大遗漏，并对其内容的真实性、准确性和完整性承担个别及连带责任。基金托管人根据本基金合同规定，复核了本报告中的财务指标、净值表现和投资组合报告等内容，保证复核内容不存在虚假记载、误导性陈述或者重大遗漏。
本基金管理人的董事会及董事保证本报告所载资料不存在虚假记载、误导性陈述或重大遗漏，并对其内容的真实性、准确性和完整性承担个别及连带责任。基金托管人根据本基金合同规定，复核了本报告中的财务指标、净值表现和投资组合报告等内容，保证复核内容不存在虚假记载、误导性陈述或者重大遗漏。
二、基金产品概况
本基金管理人的董事会及董事保证本报告所载资料不存在虚假记载、误导性陈述或重大遗漏，并对其内容的真实性、准确性和完整性承担个别及连带责任。基金托管人根据本基金合同规定，复核了本报告中的财务指标、净值表现和投资组合报告等内容，保证复核内容不存在虚假记载、误导性陈述或者重大遗漏。
本基金管理人的董事会及董事保证本报告所载资料不存在虚假记载、误导性陈述或重大遗漏，并对其内容的真实性、准确性和完整性承担个别及连带责任。基金托管人根据本基金合同规定，复核了本报告中的财务指标、净值表现和投资组合报告等内容，保证复核内容不存在虚假记载、误导性陈述或者重大遗漏。
本基金管理人的董事会及董事保证本报告所载资料不存在虚假记载、误导性陈述或重大遗漏，并对其内容的真实性、准确性和完整性承担个别及连带责任。基金托管人根据本基金合同规定，复核了本报告中的财务指标、净值表现和投资组合报告等内容，保证复核内容不存在虚假记载、误导性陈述或者重大遗漏。
项目	本报告期	上年同期
本期已实现收益	—	—
本期利润	—	—
期末基金资产净值	—	—
期末基金份额净值	—	—
三、主要财务指标
本基金管理人的董事会及董事保证本报告所载资料不存在虚假记载、误导性陈述或重大遗漏，并对其内容的真实性、准确性和完整性承担个别及连带责任。基金托管人根据本基金合同规定，复核了本报告中的财务指标、净值表现和投资组合报告等内容，保证复核内容不存在虚假记载、误导性陈述或者重大遗漏。
本基金管理人的董事会及董事保证本报告所载资料不存在虚假记载、误导性陈述或重大遗漏，并对其内容的真实性、准确性和完整性承担个别及连带责任。基金托管人根据本基金合同规定，复核了本报告中的财务指标、净值表现和投资组合报告等内容，保证复核内容不存在虚假记载、误导性陈述或者重大遗漏。
本基金管理人的董事会及董事保证本报告所载资料不存在虚假记载、误导性陈述或重大遗漏，并对其内容的真实性、准确性和完整性承担个别及连带责任。基金托管人根据本基金合同规定，复核了本报告中的财务指标、净值表现和投资组合报告等内容，保证复核内容不存在虚假记载、误导性陈述或者重大遗漏。
四、管理人报告
本基金管理人的董事会及董事保证本报告所载资料不存在虚假记载、误导性陈述或重大遗漏，并对其内容的真实性、准确性和完整性承担个别及连带责任。基金托管人根据本基金合同规定，复核了本报告中的财务指标、净值表现和投资组合报告等内容，保证复核内容不存在虚假记载、误导性陈述或者重大遗漏。
本基金管理人的董事会及董事保证本报告所载资料不存在虚假记载、误导性陈述或重大遗漏，并对其内容的真实性、准确性和完整性承担个别及连带责任。基金托管人根据本基金合同规定，复核了本报告中的财务指标、净值表现和投资组合报告等内容，保证复核内容不存在虚假记载、误导性陈述或者重大遗漏。
本基金管理人的董事会及董事保证本报告所载资料不存在虚假记载、误导性陈述或重大遗漏，并对其内容的真实性、准确性和完整性承担个别及连带责任。基金托管人根据本基金合同规定，复核了本报告中的财务指标、净值表现和投资组合报告等内容，保证复核内容不存在虚假记载、误导性陈述或者重大遗漏。
项目	本报告期	上年同期
本期已实现收益	—	—
本期利润	—	—
期末基金资产净值	—	—
期末基金份额净值	—	—
五、投资组合报告
本基金管理人的董事会及董事保证本报告所载资料不存在虚假记载、误导性陈述或重大遗漏，并对其内容的真实性、准确性和完整性承担个别及连带责任。基金托管人根据本基金合同规定，复核了本报告中的财务指标、净值表现和投资组合报告等内容，保证复核内容不存在虚假记载、误导性陈述或者重大遗漏。
本基金管理人的董事会及董事保证本报告所载资料不存在虚假记载、误导性陈述或重大遗漏，并对其内容的真实性、准确性和完整性承担个别及连带责任。基金托管人根据本基金合同规定，复核了本报告中的财务指标、净值表现和投资组合报告等内容，保证复核内容不存在虚假记载、误导性陈述或者重大遗漏。
本基金管理人的董事会及董事保证本报告所载资料不存在虚假记载、误导性陈述或重大遗漏，并对其内容的真实性、准确性和完整性承担个别及连带责任。基金托管人根据本基金合同规定，复核了本报告中的财务指标、净值表现和投资组合报告等内容，保证复核内容不存在虚假记载、误导性陈述或者重大遗漏。
